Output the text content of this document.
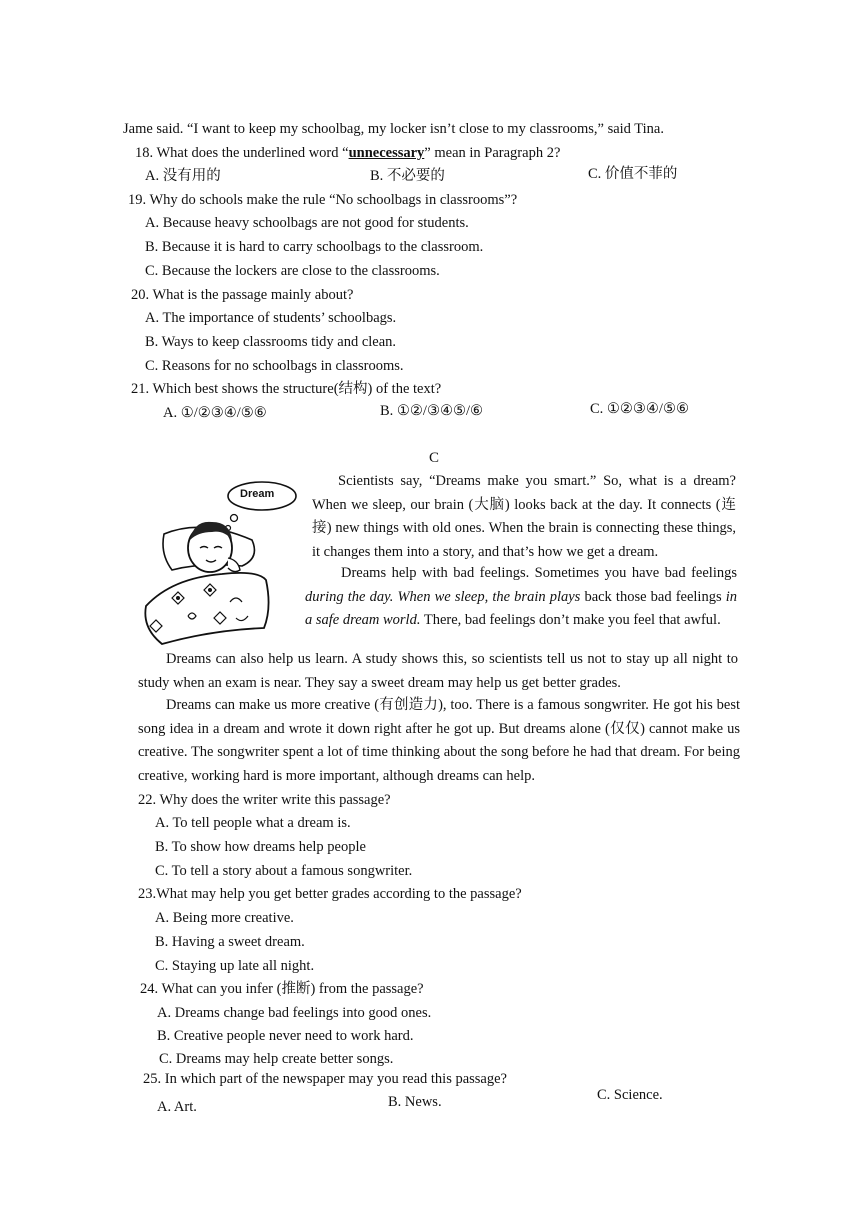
Jame said. “I want to keep my schoolbag, my locker isn’t close to my classrooms,” said Tina.
18. What does the underlined word “unnecessary” mean in Paragraph 2?
A. 没有用的	B. 不必要的	C. 价值不菲的
19. Why do schools make the rule “No schoolbags in classrooms”?
A. Because heavy schoolbags are not good for students.
B. Because it is hard to carry schoolbags to the classroom.
C. Because the lockers are close to the classrooms.
20. What is the passage mainly about?
A. The importance of students’ schoolbags.
B. Ways to keep classrooms tidy and clean.
C. Reasons for no schoolbags in classrooms.
21. Which best shows the structure(结构) of the text?
A. ①/②③④/⑤⑥	B. ①②/③④⑤/⑥	C. ①②③④/⑤⑥
C
Dream
Scientists say, “Dreams make you smart.” So, what is a dream? When we sleep, our brain (大脑) looks back at the day. It connects (连接) new things with old ones. When the brain is connecting these things, it changes them into a story, and that’s how we get a dream.
Dreams help with bad feelings. Sometimes you have bad feelings during the day. When we sleep, the brain plays back those bad feelings in a safe dream world. There, bad feelings don’t make you feel that awful.
Dreams can also help us learn. A study shows this, so scientists tell us not to stay up all night to study when an exam is near. They say a sweet dream may help us get better grades.
Dreams can make us more creative (有创造力), too. There is a famous songwriter. He got his best song idea in a dream and wrote it down right after he got up. But dreams alone (仅仅) cannot make us creative. The songwriter spent a lot of time thinking about the song before he had that dream. For being creative, working hard is more important, although dreams can help.
22. Why does the writer write this passage?
A. To tell people what a dream is.
B. To show how dreams help people
C. To tell a story about a famous songwriter.
23.What may help you get better grades according to the passage?
A. Being more creative.
B. Having a sweet dream.
C. Staying up late all night.
24. What can you infer (推断) from the passage?
A. Dreams change bad feelings into good ones.
B. Creative people never need to work hard.
C. Dreams may help create better songs.
25. In which part of the newspaper may you read this passage?
A. Art.	B. News.	C. Science.
